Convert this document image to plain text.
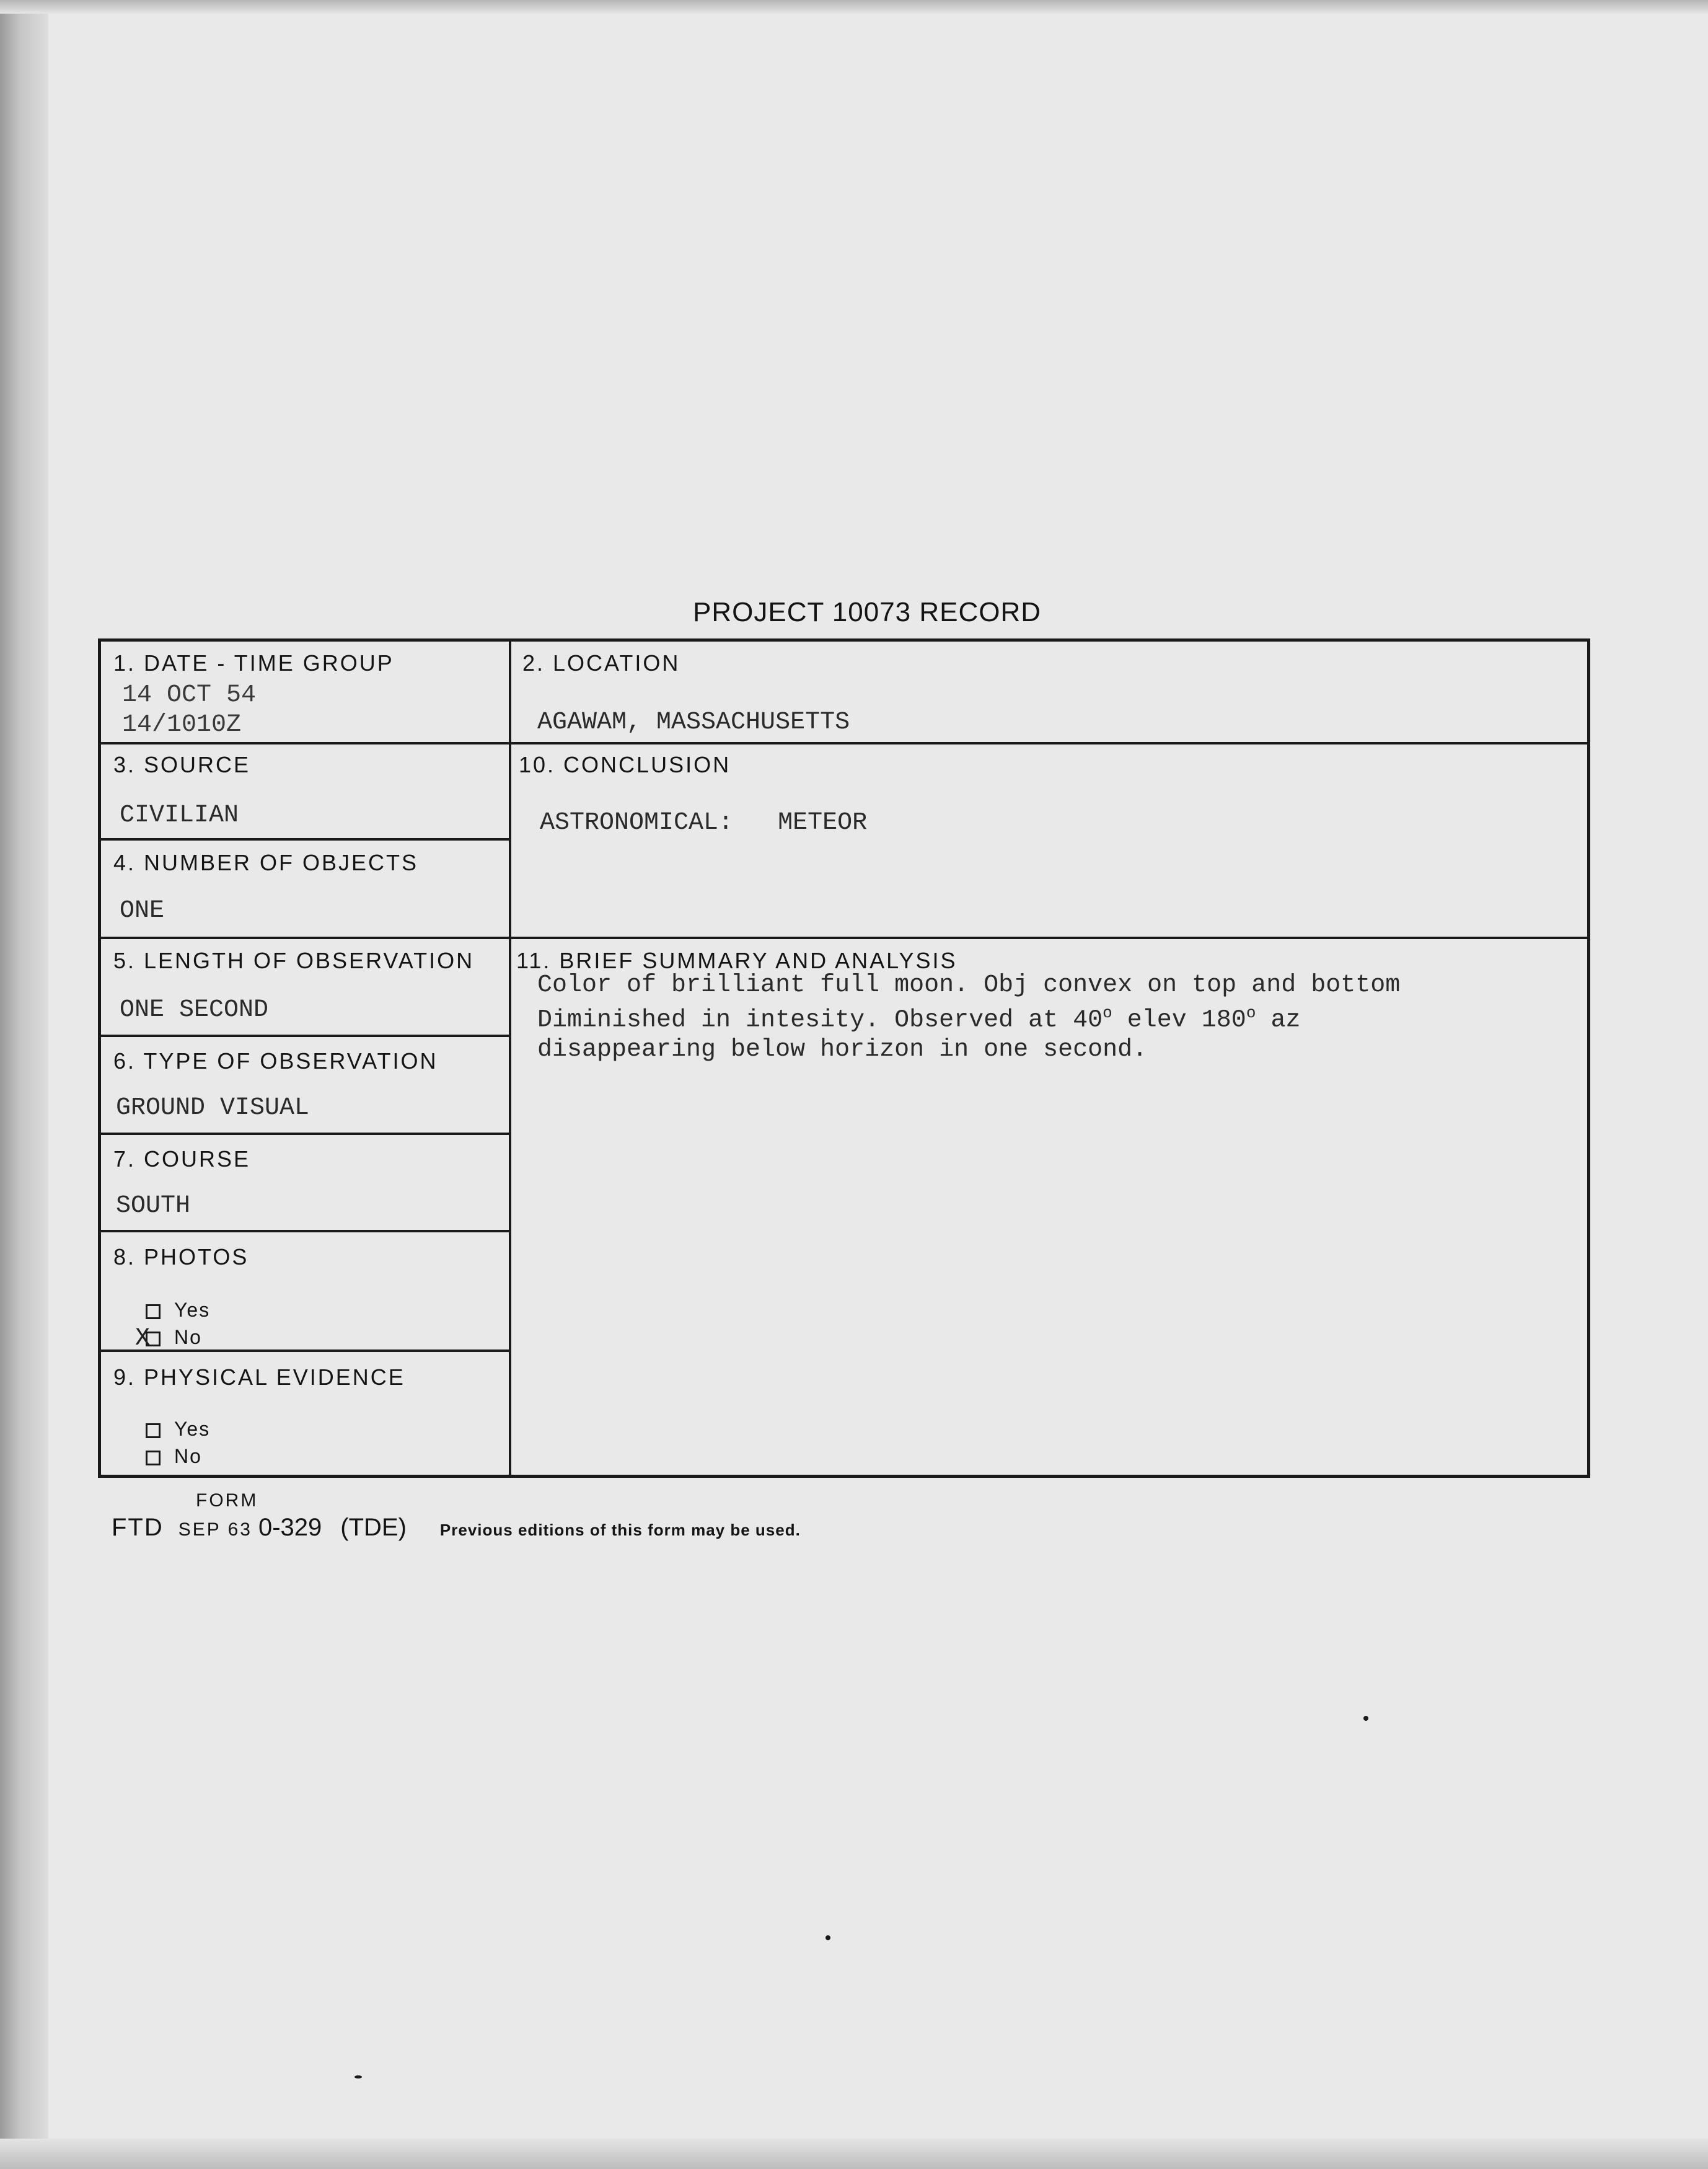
PROJECT 10073 RECORD
1. DATE - TIME GROUP
14 OCT 54
14/1010Z
2. LOCATION
AGAWAM, MASSACHUSETTS
3. SOURCE
CIVILIAN
4. NUMBER OF OBJECTS
ONE
5. LENGTH OF OBSERVATION
ONE SECOND
6. TYPE OF OBSERVATION
GROUND VISUAL
7. COURSE
SOUTH
8. PHOTOS
Yes
X No
9. PHYSICAL EVIDENCE
Yes
No
10. CONCLUSION
ASTRONOMICAL:   METEOR
11. BRIEF SUMMARY AND ANALYSIS
Color of brilliant full moon. Obj convex on top and bottom
Diminished in intesity. Observed at 40$^o$ elev 180$^o$ az
disappearing below horizon in one second.
FORM
FTD SEP 63 0-329 (TDE) Previous editions of this form may be used.
